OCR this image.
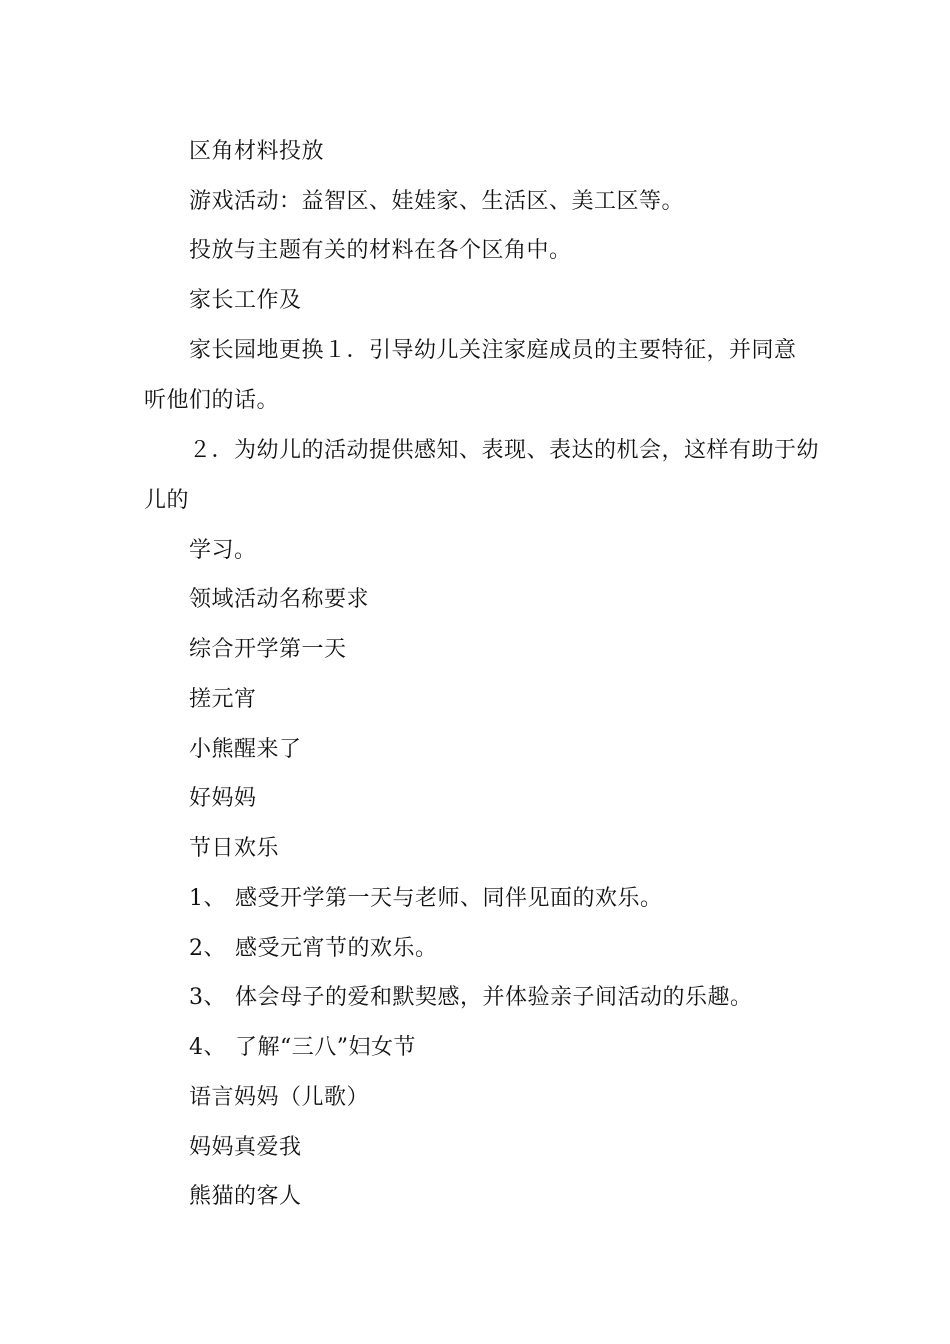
区角材料投放
游戏活动：益智区、娃娃家、生活区、美工区等。
投放与主题有关的材料在各个区角中。
家长工作及
家长园地更换１．引导幼儿关注家庭成员的主要特征，并同意
听他们的话。
２．为幼儿的活动提供感知、表现、表达的机会，这样有助于幼
儿的
学习。
领域活动名称要求
综合开学第一天
搓元宵
小熊醒来了
好妈妈
节日欢乐
1、 感受开学第一天与老师、同伴见面的欢乐。
2、 感受元宵节的欢乐。
3、 体会母子的爱和默契感，并体验亲子间活动的乐趣。
4、 了解“三八”妇女节
语言妈妈（儿歌）
妈妈真爱我
熊猫的客人
